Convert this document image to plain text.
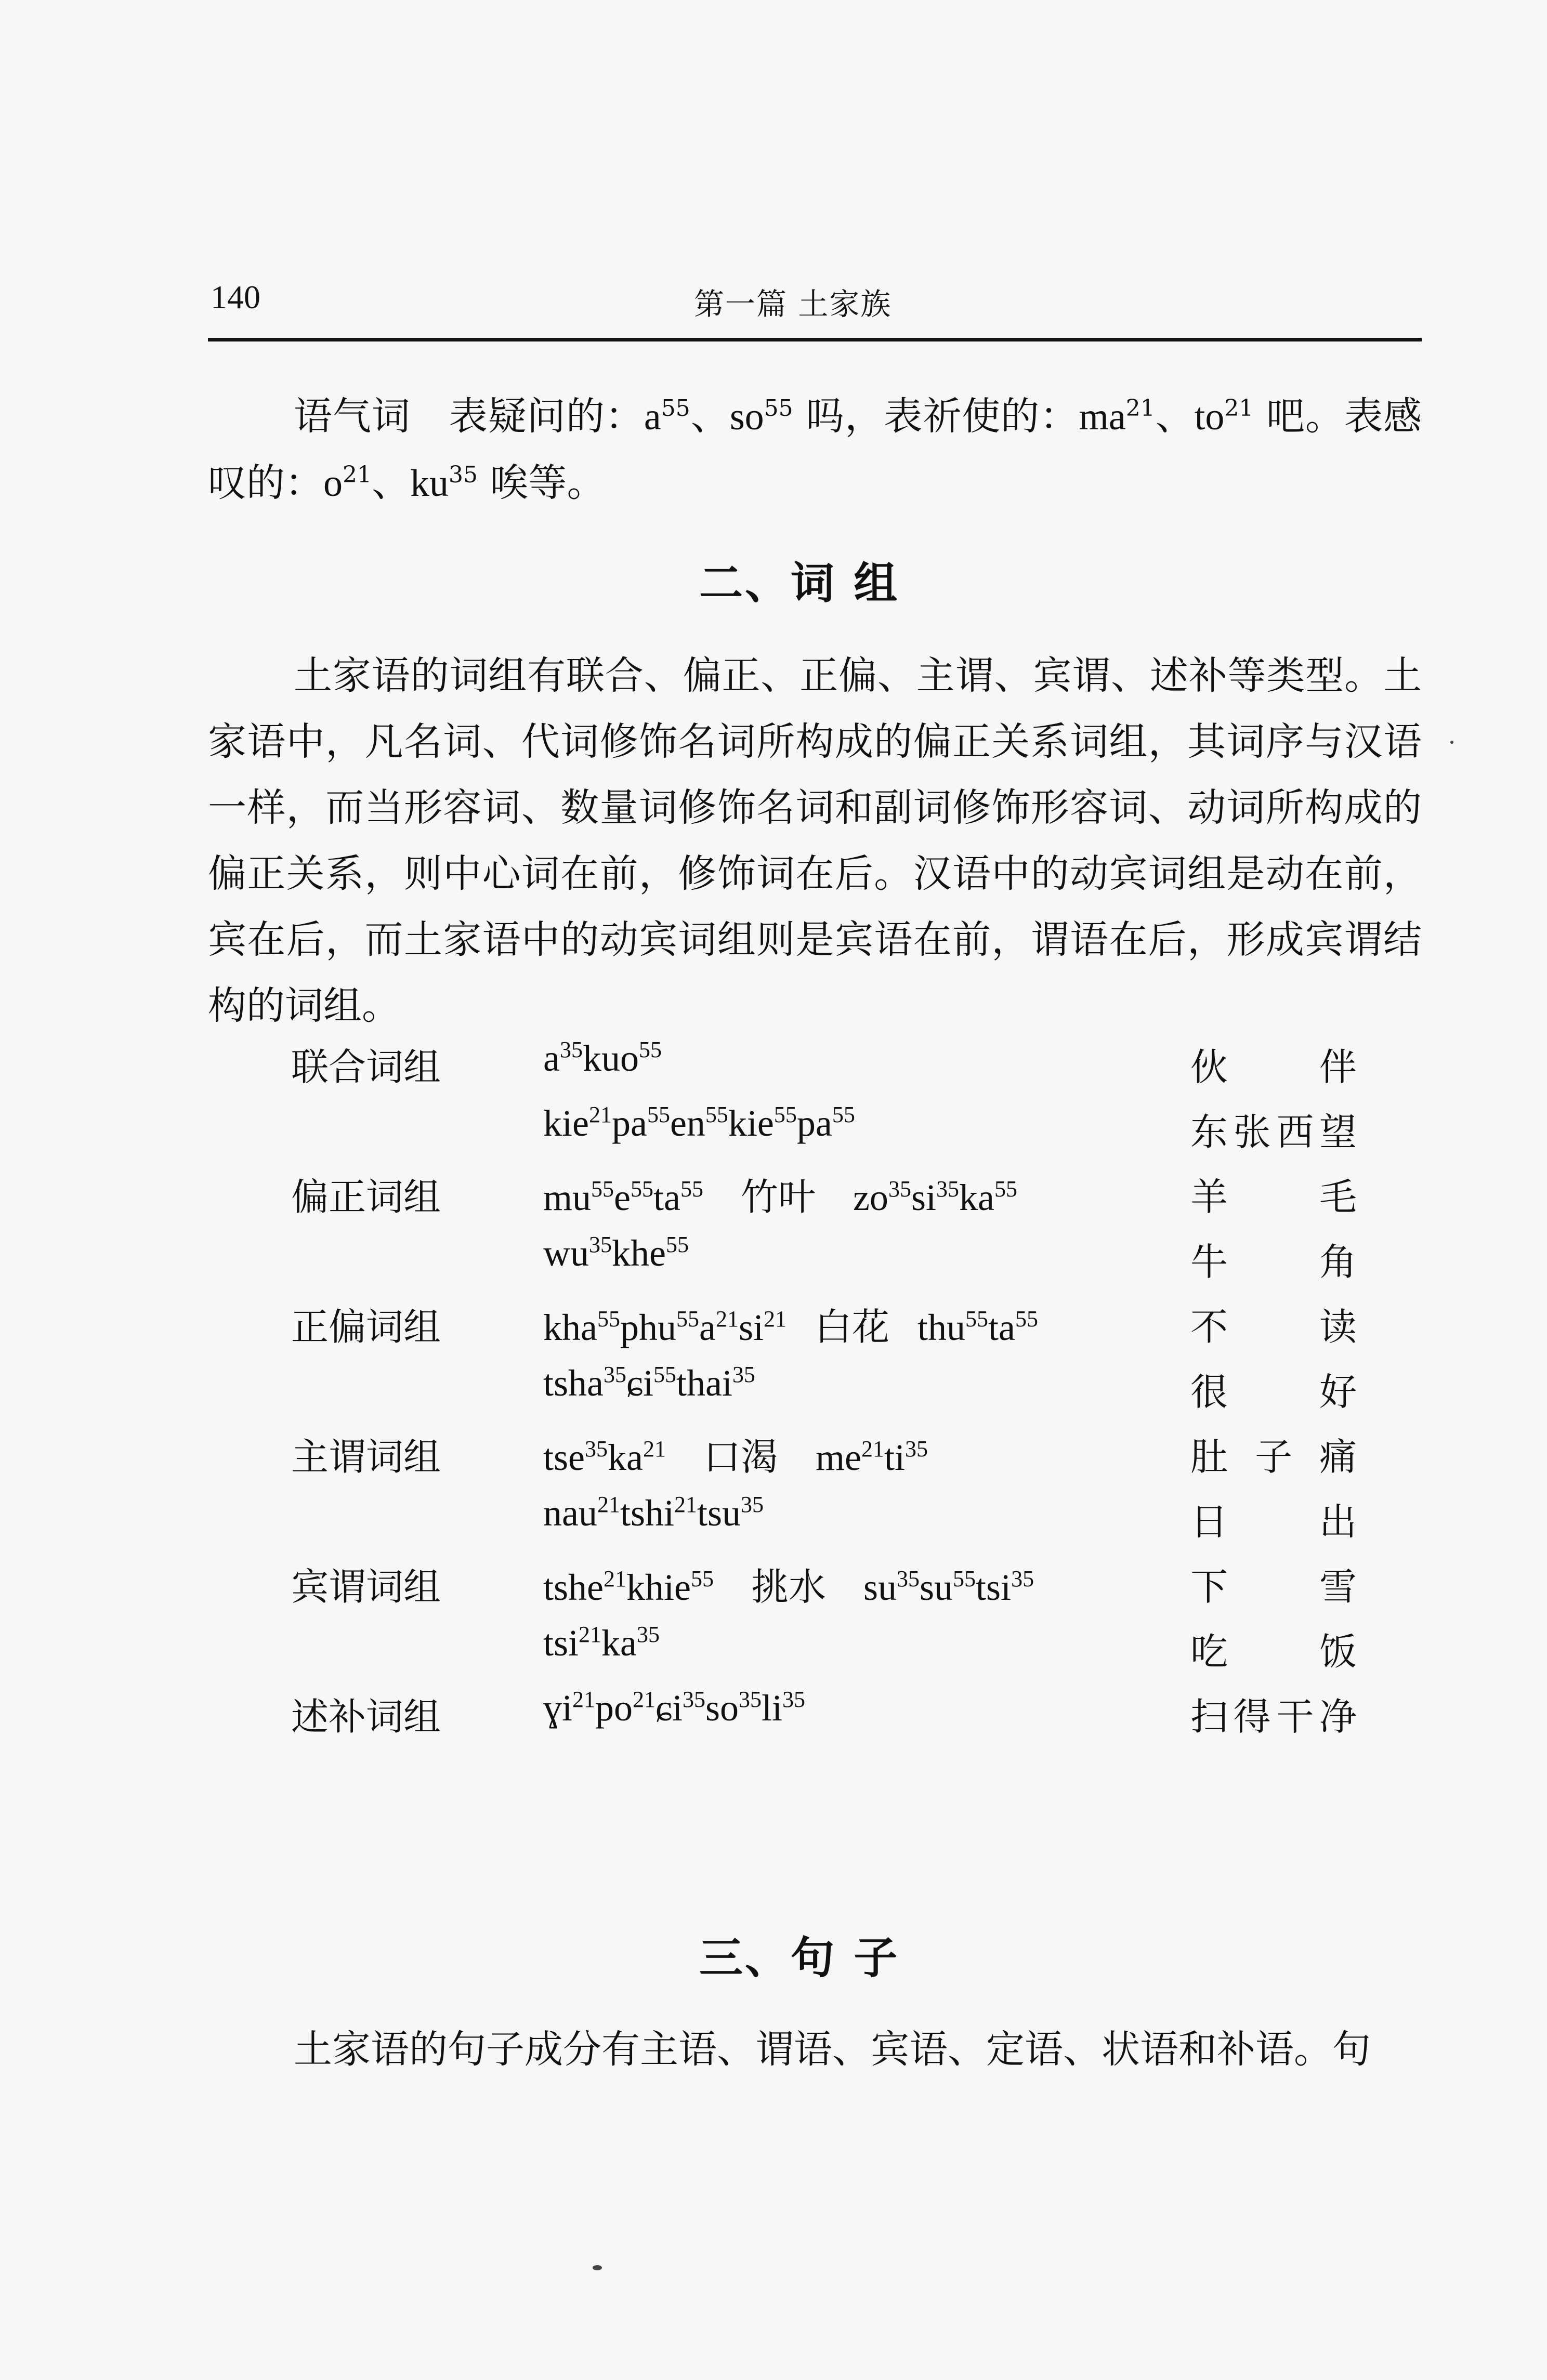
140	第一篇 土家族

语气词 表疑问的：$a^{55}$、$so^{55}$ 吗，表祈使的：$ma^{21}$、$to^{21}$ 吧。表感叹的：$o^{21}$、$ku^{35}$ 唉等。

二、词 组

土家语的词组有联合、偏正、正偏、主谓、宾谓、述补等类型。土家语中，凡名词、代词修饰名词所构成的偏正关系词组，其词序与汉语一样，而当形容词、数量词修饰名词和副词修饰形容词、动词所构成的偏正关系，则中心词在前，修饰词在后。汉语中的动宾词组是动在前，宾在后，而土家语中的动宾词组则是宾语在前，谓语在后，形成宾谓结构的词组。

联合词组	$a^{35}kuo^{55}$	伙伴
$kie^{21}pa^{55}en^{55}kie^{55}pa^{55}$	东张西望
偏正词组	$mu^{55}e^{55}ta^{55}$ 竹叶 $zo^{35}si^{35}ka^{55}$	羊毛
$wu^{35}khe^{55}$	牛角
正偏词组	$kha^{55}phu^{55}a^{21}si^{21}$ 白花 $thu^{55}ta^{55}$	不读
tsha$^{35}$ɕi$^{55}$thai$^{35}$	很好
主谓词组	$tse^{35}ka^{21}$ 口渴 $me^{21}ti^{35}$	肚子痛
nau$^{21}$tshi$^{21}$tsu$^{35}$	日出
宾谓词组	tshe$^{21}$khie$^{55}$ 挑水 $su^{35}su^{55}tsi^{35}$	下雪
$tsi^{21}ka^{35}$	吃饭
述补词组	$ɣi^{21}po^{21}ɕi^{35}so^{35}li^{35}$	扫得干净
三、句 子

土家语的句子成分有主语、谓语、宾语、定语、状语和补语。句
